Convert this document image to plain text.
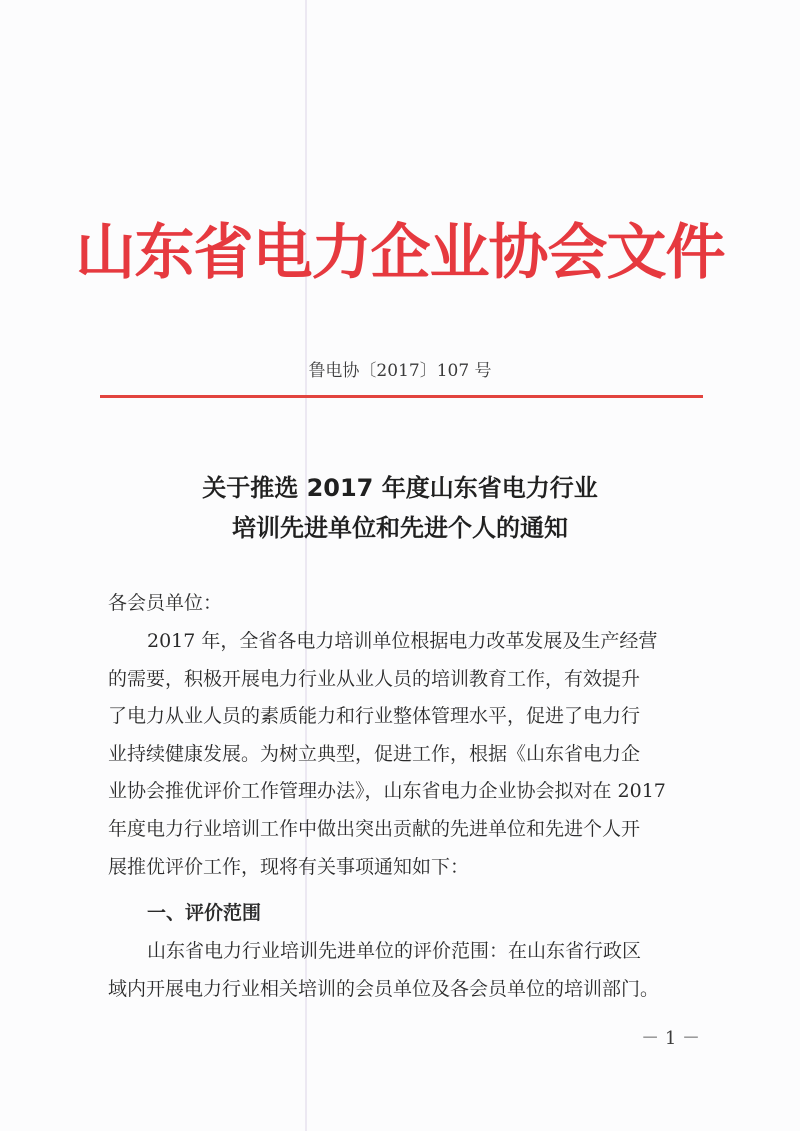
山东省电力企业协会文件
鲁电协〔2017〕107 号
关于推选 2017 年度山东省电力行业
培训先进单位和先进个人的通知
各会员单位：
2017 年，全省各电力培训单位根据电力改革发展及生产经营
的需要，积极开展电力行业从业人员的培训教育工作，有效提升
了电力从业人员的素质能力和行业整体管理水平，促进了电力行
业持续健康发展。为树立典型，促进工作，根据《山东省电力企
业协会推优评价工作管理办法》，山东省电力企业协会拟对在 2017
年度电力行业培训工作中做出突出贡献的先进单位和先进个人开
展推优评价工作，现将有关事项通知如下：
一、评价范围
山东省电力行业培训先进单位的评价范围：在山东省行政区
域内开展电力行业相关培训的会员单位及各会员单位的培训部门。
－ 1 －
